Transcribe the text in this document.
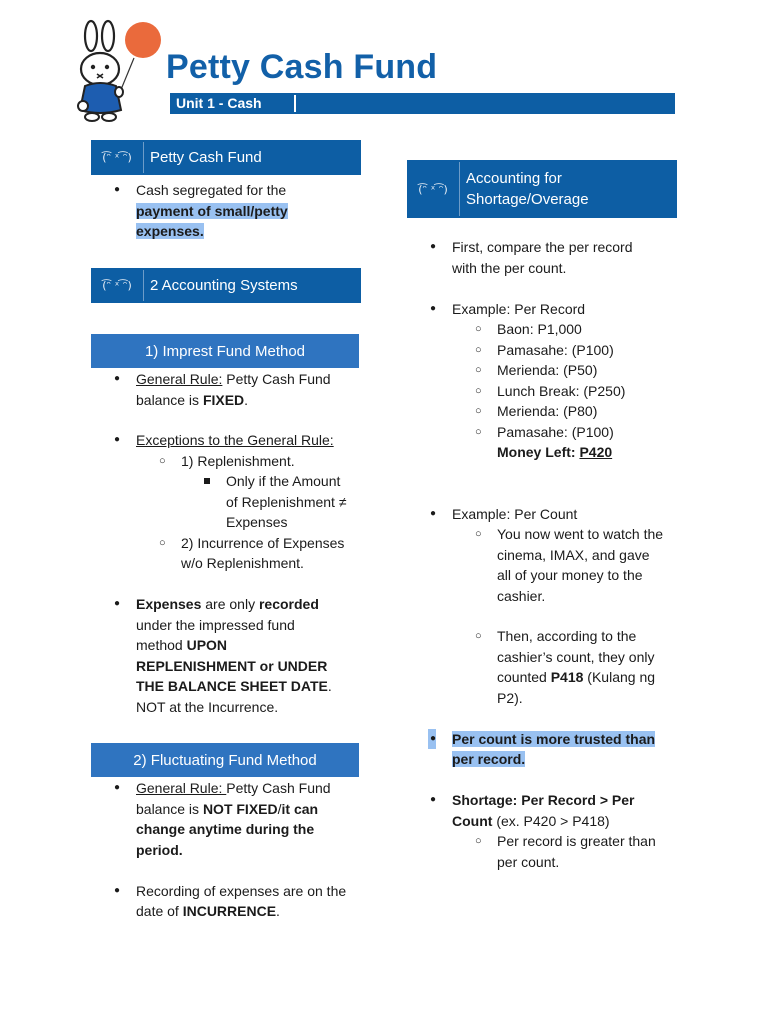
Petty Cash Fund
Unit 1 - Cash
(͡ᵔ ˣ ͡ᵔ)	Petty Cash Fund
● Cash segregated for the
payment of small/petty
expenses.
(͡ᵔ ˣ ͡ᵔ)	2 Accounting Systems
1) Imprest Fund Method
● General Rule: Petty Cash Fund
balance is FIXED.
● Exceptions to the General Rule:
○ 1) Replenishment.
Only if the Amount
of Replenishment ≠
Expenses
○ 2) Incurrence of Expenses
w/o Replenishment.
● Expenses are only recorded
under the impressed fund
method UPON
REPLENISHMENT or UNDER
THE BALANCE SHEET DATE.
NOT at the Incurrence.
2) Fluctuating Fund Method
● General Rule: Petty Cash Fund
balance is NOT FIXED/it can
change anytime during the
period.
● Recording of expenses are on the
date of INCURRENCE.
(͡ᵔ ˣ ͡ᵔ)
Accounting for
Shortage/Overage
● First, compare the per record
with the per count.
● Example: Per Record
○ Baon: P1,000
○ Pamasahe: (P100)
○ Merienda: (P50)
○ Lunch Break: (P250)
○ Merienda: (P80)
○ Pamasahe: (P100)
Money Left: P420
● Example: Per Count
○ You now went to watch the
cinema, IMAX, and gave
all of your money to the
cashier.
○ Then, according to the
cashier’s count, they only
counted P418 (Kulang ng
P2).
● Per count is more trusted than
per record.
● Shortage: Per Record > Per
Count (ex. P420 > P418)
○ Per record is greater than
per count.
